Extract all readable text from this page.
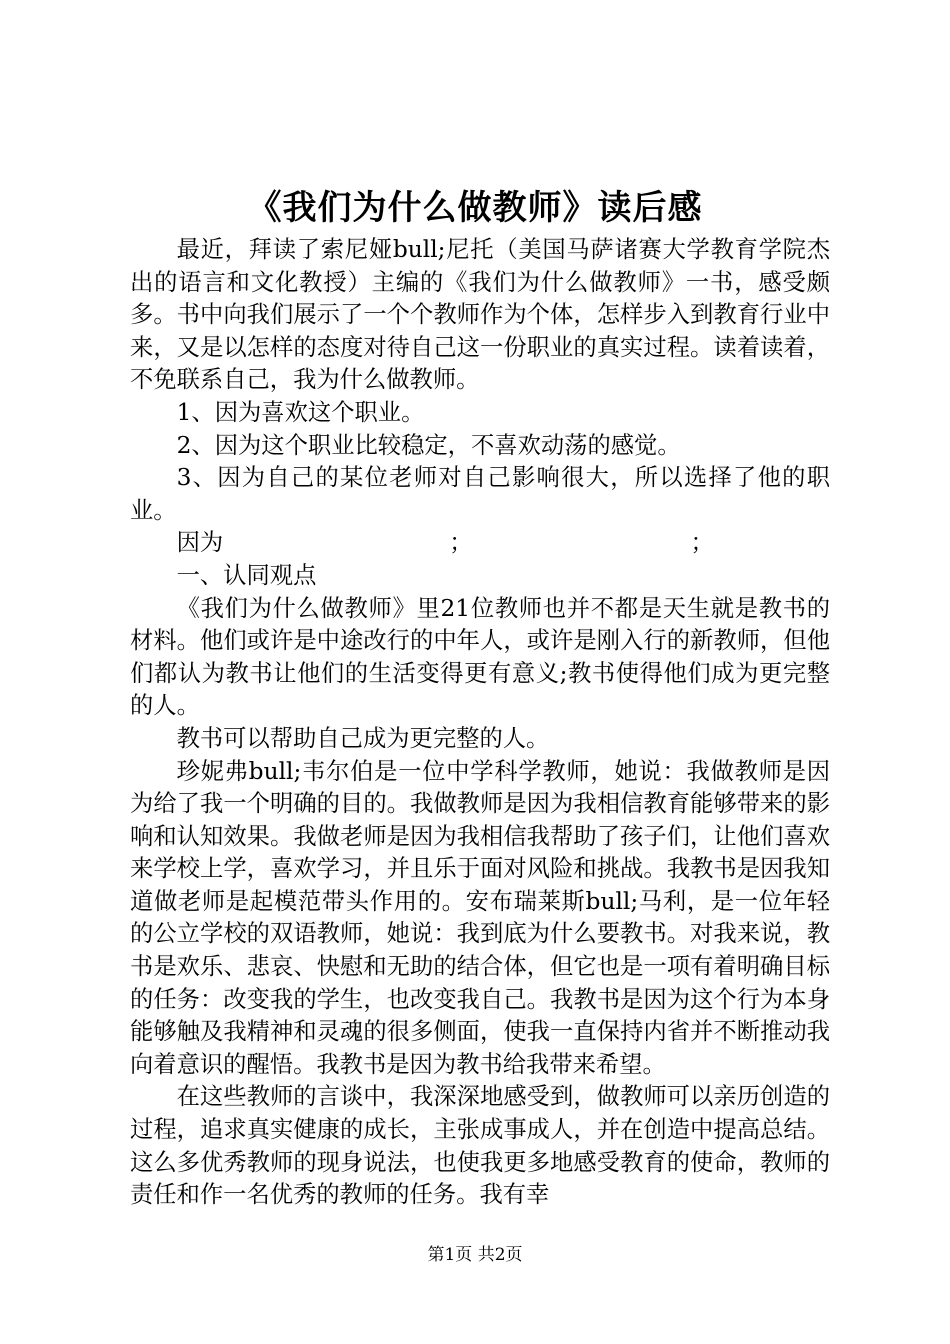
《我们为什么做教师》读后感

最近，拜读了索尼娅bull;尼托（美国马萨诸赛大学教育学院杰出的语言和文化教授）主编的《我们为什么做教师》一书，感受颇多。书中向我们展示了一个个教师作为个体，怎样步入到教育行业中来，又是以怎样的态度对待自己这一份职业的真实过程。读着读着，不免联系自己，我为什么做教师。

1、因为喜欢这个职业。

2、因为这个职业比较稳定，不喜欢动荡的感觉。

3、因为自己的某位老师对自己影响很大，所以选择了他的职业。

因为	；	；

一、认同观点

《我们为什么做教师》里21位教师也并不都是天生就是教书的材料。他们或许是中途改行的中年人，或许是刚入行的新教师，但他们都认为教书让他们的生活变得更有意义;教书使得他们成为更完整的人。

教书可以帮助自己成为更完整的人。

珍妮弗bull;韦尔伯是一位中学科学教师，她说：我做教师是因为给了我一个明确的目的。我做教师是因为我相信教育能够带来的影响和认知效果。我做老师是因为我相信我帮助了孩子们，让他们喜欢来学校上学，喜欢学习，并且乐于面对风险和挑战。我教书是因我知道做老师是起模范带头作用的。安布瑞莱斯bull;马利，是一位年轻的公立学校的双语教师，她说：我到底为什么要教书。对我来说，教书是欢乐、悲哀、快慰和无助的结合体，但它也是一项有着明确目标的任务：改变我的学生，也改变我自己。我教书是因为这个行为本身能够触及我精神和灵魂的很多侧面，使我一直保持内省并不断推动我向着意识的醒悟。我教书是因为教书给我带来希望。

在这些教师的言谈中，我深深地感受到，做教师可以亲历创造的过程，追求真实健康的成长，主张成事成人，并在创造中提高总结。这么多优秀教师的现身说法，也使我更多地感受教育的使命，教师的责任和作一名优秀的教师的任务。我有幸

第1页 共2页
